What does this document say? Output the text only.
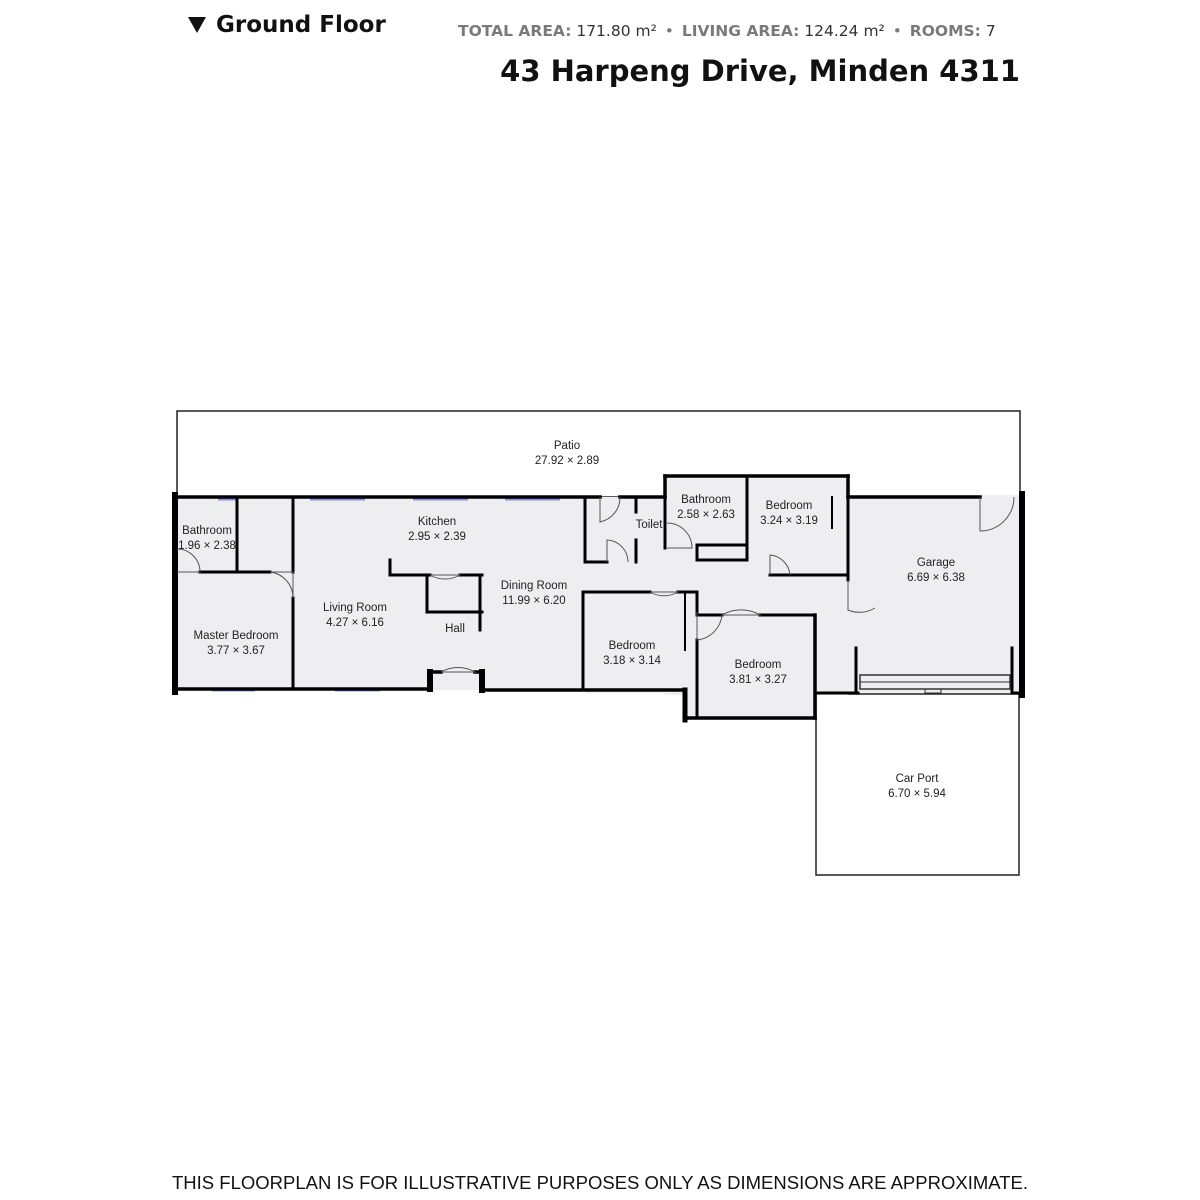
Ground Floor	TOTAL AREA: 171.80 m² • LIVING AREA: 124.24 m² • ROOMS: 7
43 Harpeng Drive, Minden 4311
Patio
27.92 × 2.89
Bathroom
1.96 × 2.38
Kitchen
2.95 × 2.39
Living Room
4.27 × 6.16
Master Bedroom
3.77 × 3.67
Hall
Dining Room
11.99 × 6.20
Toilet
Bathroom
2.58 × 2.63
Bedroom
3.24 × 3.19
Garage
6.69 × 6.38
Bedroom
3.18 × 3.14	Bedroom
3.81 × 3.27
Car Port
6.70 × 5.94
THIS FLOORPLAN IS FOR ILLUSTRATIVE PURPOSES ONLY AS DIMENSIONS ARE APPROXIMATE.
